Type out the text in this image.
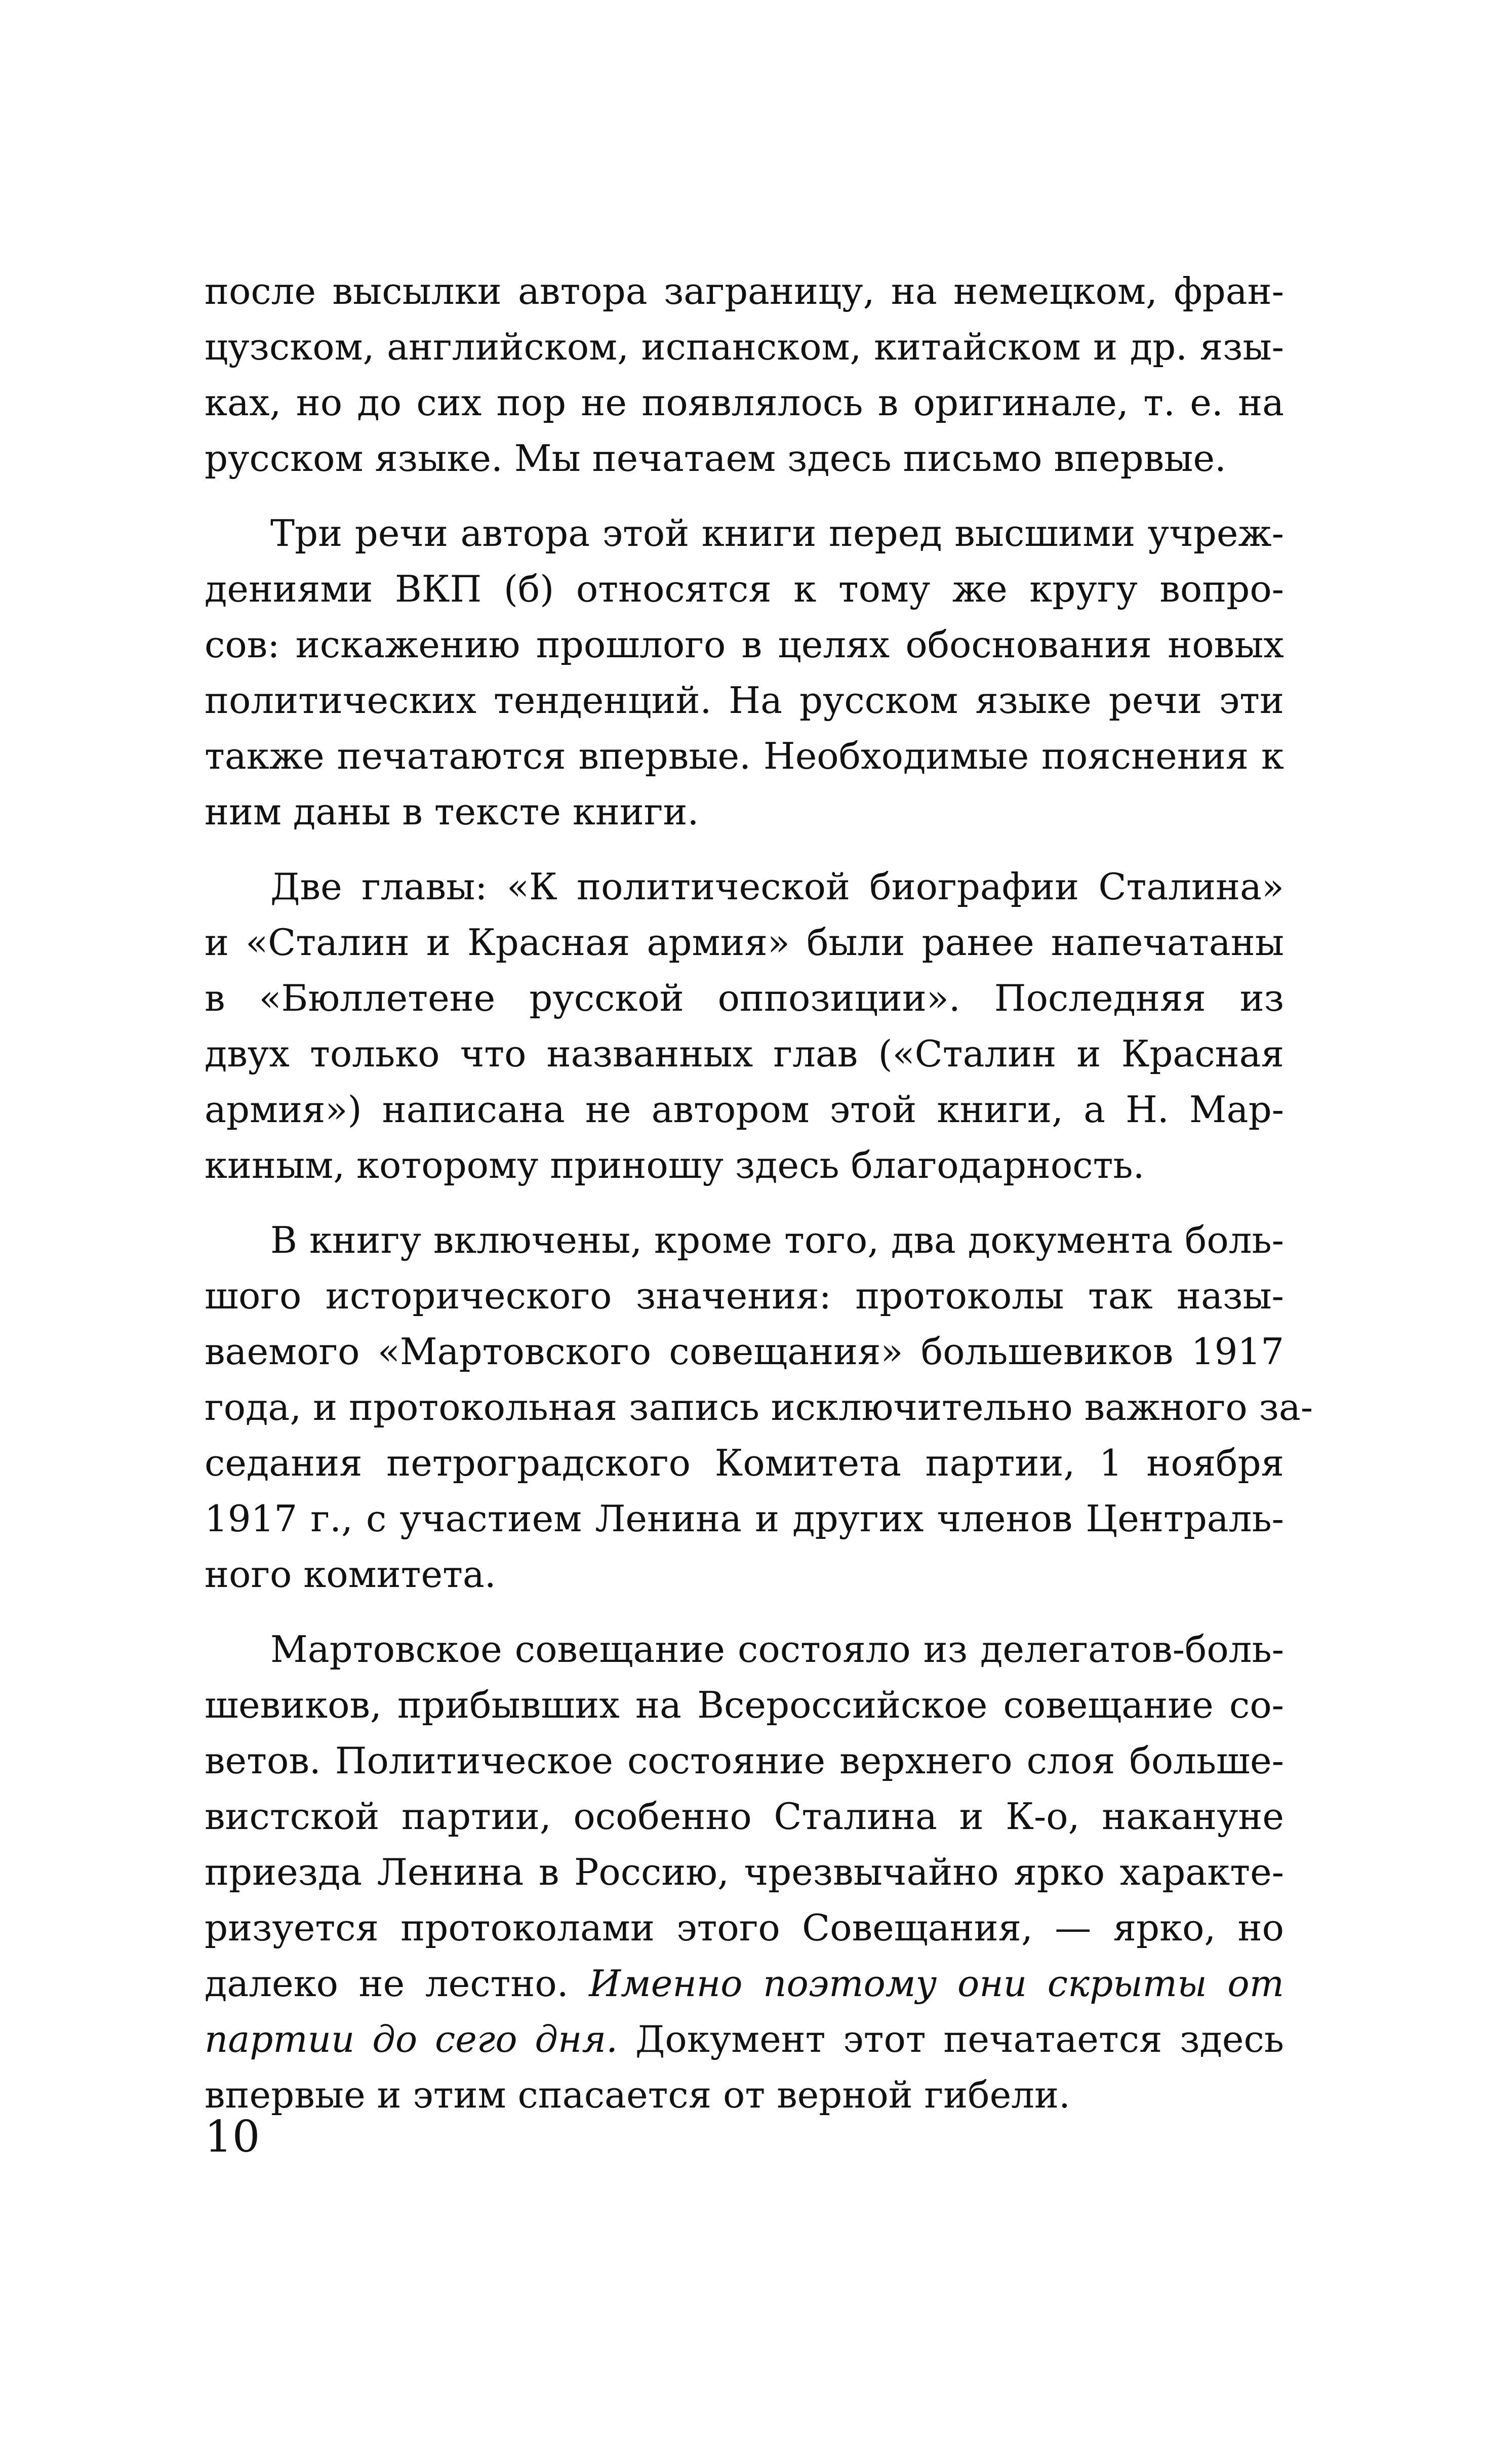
после высылки автора заграницу, на немецком, фран-
цузском, английском, испанском, китайском и др. язы-
ках, но до сих пор не появлялось в оригинале, т. е. на
русском языке. Мы печатаем здесь письмо впервые.
Три речи автора этой книги перед высшими учреж-
дениями ВКП (б) относятся к тому же кругу вопро-
сов: искажению прошлого в целях обоснования новых
политических тенденций. На русском языке речи эти
также печатаются впервые. Необходимые пояснения к
ним даны в тексте книги.
Две главы: «К политической биографии Сталина»
и «Сталин и Красная армия» были ранее напечатаны
в «Бюллетене русской оппозиции». Последняя из
двух только что названных глав («Сталин и Красная
армия») написана не автором этой книги, а Н. Мар-
киным, которому приношу здесь благодарность.
В книгу включены, кроме того, два документа боль-
шого исторического значения: протоколы так назы-
ваемого «Мартовского совещания» большевиков 1917
года, и протокольная запись исключительно важного за-
седания петроградского Комитета партии, 1 ноября
1917 г., с участием Ленина и других членов Централь-
ного комитета.
Мартовское совещание состояло из делегатов-боль-
шевиков, прибывших на Всероссийское совещание со-
ветов. Политическое состояние верхнего слоя больше-
вистской партии, особенно Сталина и К-о, накануне
приезда Ленина в Россию, чрезвычайно ярко характе-
ризуется протоколами этого Совещания, — ярко, но
далеко не лестно. Именно поэтому они скрыты от
партии до сего дня. Документ этот печатается здесь
впервые и этим спасается от верной гибели.
10
